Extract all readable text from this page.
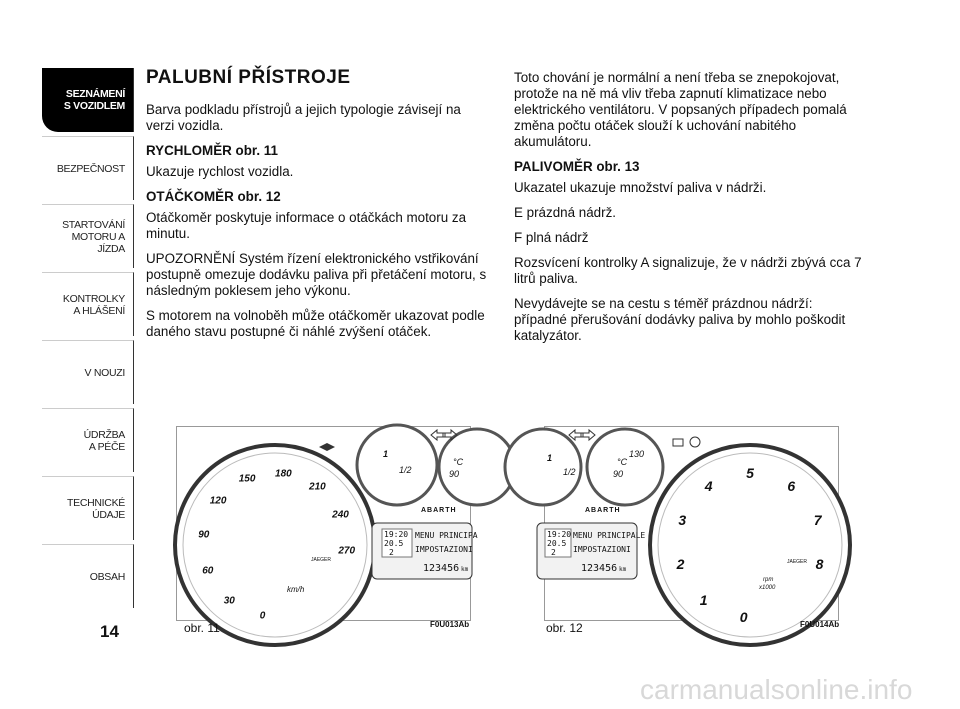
SEZNÁMENÍ
S VOZIDLEM
BEZPEČNOST
STARTOVÁNÍ
MOTORU A JÍZDA
KONTROLKY
A HLÁŠENÍ
V NOUZI
ÚDRŽBA
A PÉČE
TECHNICKÉ
ÚDAJE
OBSAH
14
PALUBNÍ PŘÍSTROJE

Barva podkladu přístrojů a jejich typologie závisejí na verzi vozidla.

RYCHLOMĚR obr. 11

Ukazuje rychlost vozidla.

OTÁČKOMĚR obr. 12

Otáčkoměr poskytuje informace o otáčkách motoru za minutu.

UPOZORNĚNÍ Systém řízení elektronického vstřikování postupně omezuje dodávku paliva při přetáčení motoru, s následným poklesem jeho výkonu.

S motorem na volnoběh může otáčkoměr ukazovat podle daného stavu postupné či náhlé zvýšení otáček.

Toto chování je normální a není třeba se znepokojovat, protože na ně má vliv třeba zapnutí klimatizace nebo elektrického ventilátoru. V popsaných případech pomalá změna počtu otáček slouží k uchování nabitého akumulátoru.

PALIVOMĚR obr. 13

Ukazatel ukazuje množství paliva v nádrži.

E prázdná nádrž.

F plná nádrž

Rozsvícení kontrolky A signalizuje, že v nádrži zbývá cca 7 litrů paliva.

Nevydávejte se na cestu s téměř prázdnou nádrží: případné přerušování dodávky paliva by mohlo poškodit katalyzátor.

1
1/2
°C
90
ABARTH
19:20
20.5
2
MENU PRINCIPA
IMPOSTAZIONI
123456 km
km/h
JAEGER
0
30
60
90
120
150 180
210
240
270
obr. 11	F0U013Ab
1
1/2
°C
130
90
ABARTH
19:20
20.5
2
MENU PRINCIPALE
IMPOSTAZIONI
123456 km
rpm
x1000
JAEGER
0
1
2
3
4
5
6
7
8
obr. 12	F0U014Ab
carmanualsonline.info
